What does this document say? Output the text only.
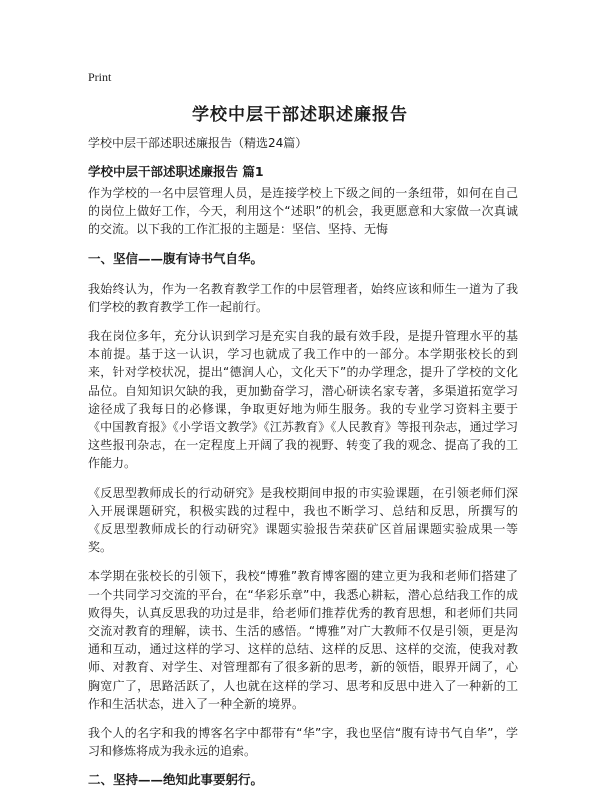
Print
学校中层干部述职述廉报告
学校中层干部述职述廉报告（精选24篇）
学校中层干部述职述廉报告 篇1

作为学校的一名中层管理人员，是连接学校上下级之间的一条纽带，如何在自己的岗位上做好工作，今天，利用这个“述职”的机会，我更愿意和大家做一次真诚的交流。以下我的工作汇报的主题是：坚信、坚持、无悔

一、坚信——腹有诗书气自华。

我始终认为，作为一名教育教学工作的中层管理者，始终应该和师生一道为了我们学校的教育教学工作一起前行。

我在岗位多年，充分认识到学习是充实自我的最有效手段，是提升管理水平的基本前提。基于这一认识，学习也就成了我工作中的一部分。本学期张校长的到来，针对学校状况，提出“德润人心，文化天下”的办学理念，提升了学校的文化品位。自知知识欠缺的我，更加勤奋学习，潜心研读名家专著，多渠道拓宽学习途径成了我每日的必修课，争取更好地为师生服务。我的专业学习资料主要于《中国教育报》《小学语文教学》《江苏教育》《人民教育》等报刊杂志，通过学习这些报刊杂志，在一定程度上开阔了我的视野、转变了我的观念、提高了我的工作能力。

《反思型教师成长的行动研究》是我校期间申报的市实验课题，在引领老师们深入开展课题研究，积极实践的过程中，我也不断学习、总结和反思，所撰写的《反思型教师成长的行动研究》课题实验报告荣获矿区首届课题实验成果一等奖。

本学期在张校长的引领下，我校“博雅”教育博客圈的建立更为我和老师们搭建了一个共同学习交流的平台，在“华彩乐章”中，我悉心耕耘，潜心总结我工作的成败得失，认真反思我的功过是非，给老师们推荐优秀的教育思想，和老师们共同交流对教育的理解，读书、生活的感悟。“博雅”对广大教师不仅是引领，更是沟通和互动，通过这样的学习、这样的总结、这样的反思、这样的交流，使我对教师、对教育、对学生、对管理都有了很多新的思考，新的领悟，眼界开阔了，心胸宽广了，思路活跃了，人也就在这样的学习、思考和反思中进入了一种新的工作和生活状态，进入了一种全新的境界。

我个人的名字和我的博客名字中都带有“华”字，我也坚信“腹有诗书气自华”，学习和修炼将成为我永远的追索。

二、坚持——绝知此事要躬行。
